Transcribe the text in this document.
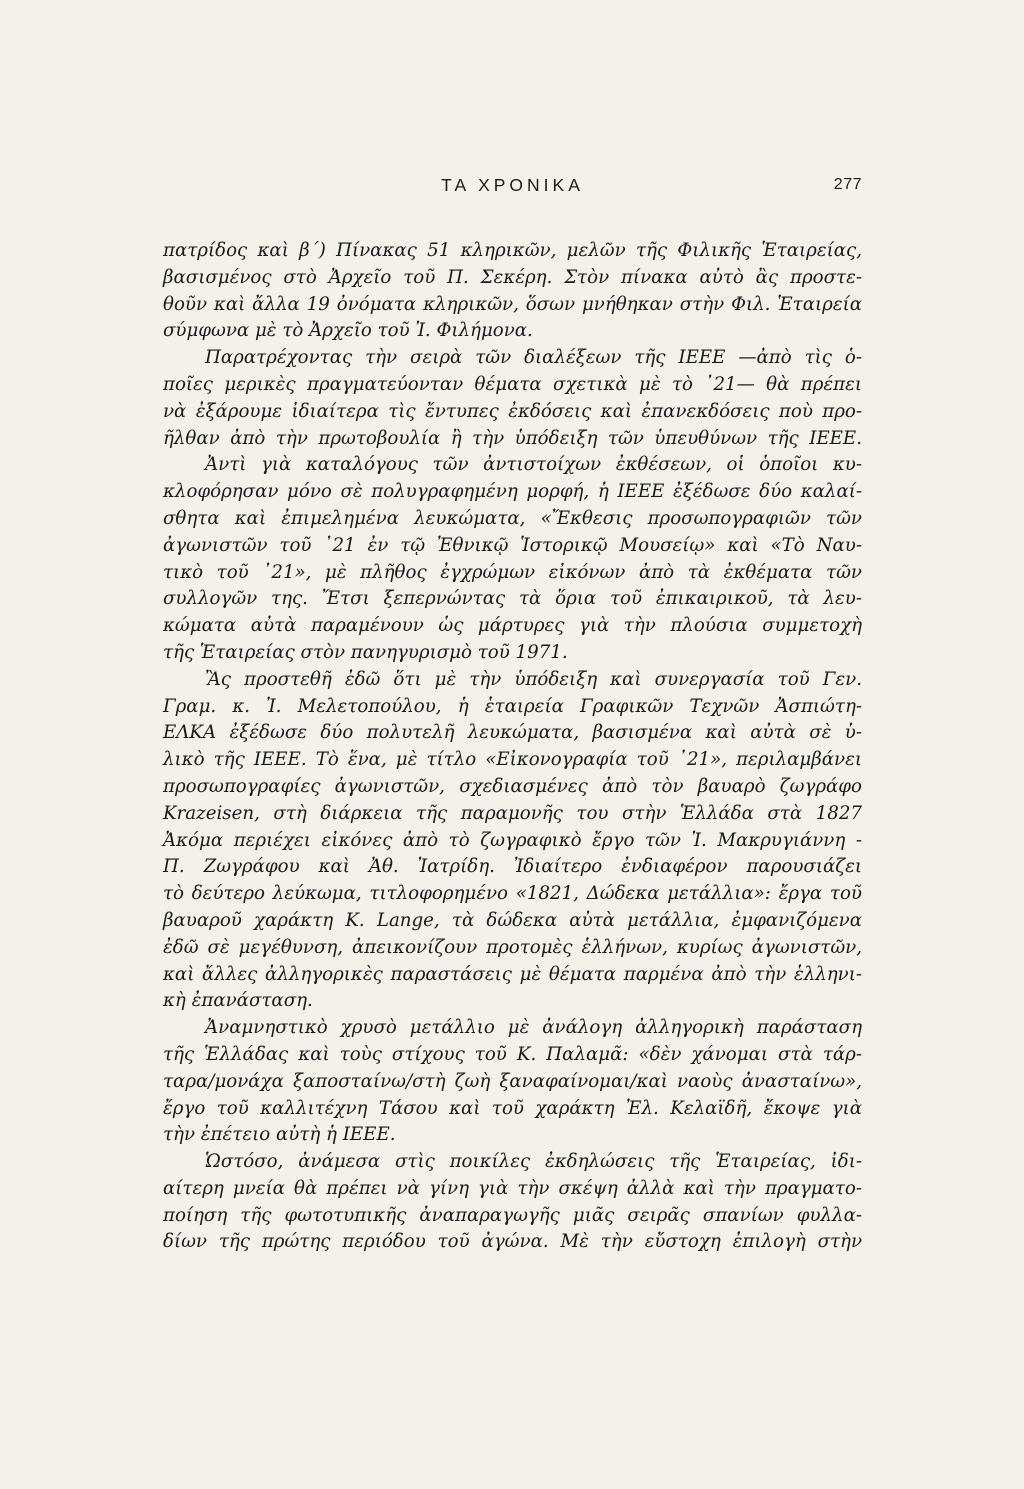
ΤΑ ΧΡΟΝΙΚΑ	277
πατρίδος καὶ β΄) Πίνακας 51 κληρικῶν, μελῶν τῆς Φιλικῆς Ἑταιρείας,
βασισμένος στὸ Ἀρχεῖο τοῦ Π. Σεκέρη. Στὸν πίνακα αὐτὸ ἂς προστε-
θοῦν καὶ ἄλλα 19 ὀνόματα κληρικῶν, ὅσων μνήθηκαν στὴν Φιλ. Ἑταιρεία
σύμφωνα μὲ τὸ Ἀρχεῖο τοῦ Ἰ. Φιλήμονα.
Παρατρέχοντας τὴν σειρὰ τῶν διαλέξεων τῆς ΙΕΕΕ —ἀπὸ τὶς ὁ-
ποῖες μερικὲς πραγματεύονταν θέματα σχετικὰ μὲ τὸ ᾽21— θὰ πρέπει
νὰ ἐξάρουμε ἰδιαίτερα τὶς ἔντυπες ἐκδόσεις καὶ ἐπανεκδόσεις ποὺ προ-
ῆλθαν ἀπὸ τὴν πρωτοβουλία ἢ τὴν ὑπόδειξη τῶν ὑπευθύνων τῆς ΙΕΕΕ.
Ἀντὶ γιὰ καταλόγους τῶν ἀντιστοίχων ἐκθέσεων, οἱ ὁποῖοι κυ-
κλοφόρησαν μόνο σὲ πολυγραφημένη μορφή, ἡ ΙΕΕΕ ἐξέδωσε δύο καλαί-
σθητα καὶ ἐπιμελημένα λευκώματα, «Ἔκθεσις προσωπογραφιῶν τῶν
ἀγωνιστῶν τοῦ ᾽21 ἐν τῷ Ἐθνικῷ Ἱστορικῷ Μουσείῳ» καὶ «Τὸ Ναυ-
τικὸ τοῦ ᾽21», μὲ πλῆθος ἐγχρώμων εἰκόνων ἀπὸ τὰ ἐκθέματα τῶν
συλλογῶν της. Ἔτσι ξεπερνώντας τὰ ὅρια τοῦ ἐπικαιρικοῦ, τὰ λευ-
κώματα αὐτὰ παραμένουν ὡς μάρτυρες γιὰ τὴν πλούσια συμμετοχὴ
τῆς Ἑταιρείας στὸν πανηγυρισμὸ τοῦ 1971.
Ἂς προστεθῆ ἐδῶ ὅτι μὲ τὴν ὑπόδειξη καὶ συνεργασία τοῦ Γεν.
Γραμ. κ. Ἰ. Μελετοπούλου, ἡ ἑταιρεία Γραφικῶν Τεχνῶν Ἀσπιώτη-
ΕΛΚΑ ἐξέδωσε δύο πολυτελῆ λευκώματα, βασισμένα καὶ αὐτὰ σὲ ὑ-
λικὸ τῆς ΙΕΕΕ. Τὸ ἕνα, μὲ τίτλο «Εἰκονογραφία τοῦ ᾽21», περιλαμβάνει
προσωπογραφίες ἀγωνιστῶν, σχεδιασμένες ἀπὸ τὸν βαυαρὸ ζωγράφο
Krazeisen, στὴ διάρκεια τῆς παραμονῆς του στὴν Ἑλλάδα στὰ 1827
Ἀκόμα περιέχει εἰκόνες ἀπὸ τὸ ζωγραφικὸ ἔργο τῶν Ἰ. Μακρυγιάννη -
Π. Ζωγράφου καὶ Ἀθ. Ἰατρίδη. Ἰδιαίτερο ἐνδιαφέρον παρουσιάζει
τὸ δεύτερο λεύκωμα, τιτλοφορημένο «1821, Δώδεκα μετάλλια»: ἔργα τοῦ
βαυαροῦ χαράκτη K. Lange, τὰ δώδεκα αὐτὰ μετάλλια, ἐμφανιζόμενα
ἐδῶ σὲ μεγέθυνση, ἀπεικονίζουν προτομὲς ἑλλήνων, κυρίως ἀγωνιστῶν,
καὶ ἄλλες ἀλληγορικὲς παραστάσεις μὲ θέματα παρμένα ἀπὸ τὴν ἑλληνι-
κὴ ἐπανάσταση.
Ἀναμνηστικὸ χρυσὸ μετάλλιο μὲ ἀνάλογη ἀλληγορικὴ παράσταση
τῆς Ἑλλάδας καὶ τοὺς στίχους τοῦ Κ. Παλαμᾶ: «δὲν χάνομαι στὰ τάρ-
ταρα/μονάχα ξαποσταίνω/στὴ ζωὴ ξαναφαίνομαι/καὶ ναοὺς ἀνασταίνω»,
ἔργο τοῦ καλλιτέχνη Τάσου καὶ τοῦ χαράκτη Ἐλ. Κελαϊδῆ, ἔκοψε γιὰ
τὴν ἐπέτειο αὐτὴ ἡ ΙΕΕΕ.
Ὡστόσο, ἀνάμεσα στὶς ποικίλες ἐκδηλώσεις τῆς Ἑταιρείας, ἰδι-
αίτερη μνεία θὰ πρέπει νὰ γίνη γιὰ τὴν σκέψη ἀλλὰ καὶ τὴν πραγματο-
ποίηση τῆς φωτοτυπικῆς ἀναπαραγωγῆς μιᾶς σειρᾶς σπανίων φυλλα-
δίων τῆς πρώτης περιόδου τοῦ ἀγώνα. Μὲ τὴν εὔστοχη ἐπιλογὴ στὴν
